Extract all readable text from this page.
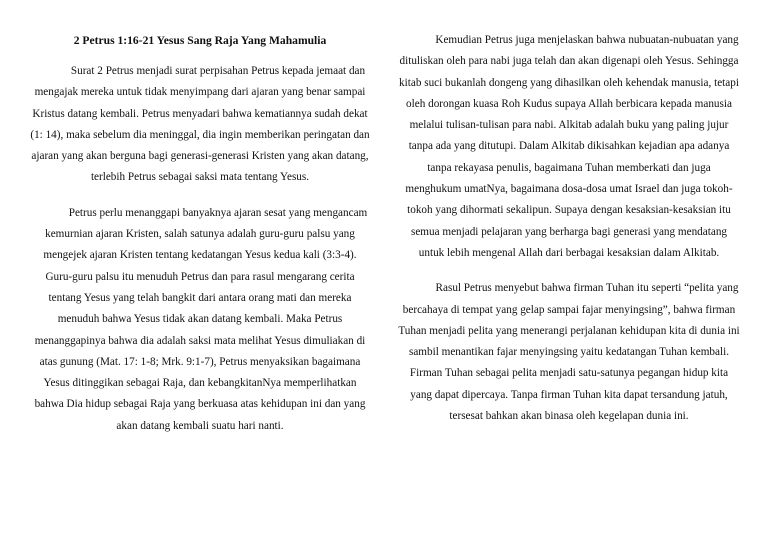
2 Petrus 1:16-21 Yesus Sang Raja Yang Mahamulia

Surat 2 Petrus menjadi surat perpisahan Petrus kepada jemaat dan mengajak mereka untuk tidak menyimpang dari ajaran yang benar sampai Kristus datang kembali. Petrus menyadari bahwa kematiannya sudah dekat (1: 14), maka sebelum dia meninggal, dia ingin memberikan peringatan dan ajaran yang akan berguna bagi generasi-generasi Kristen yang akan datang, terlebih Petrus sebagai saksi mata tentang Yesus.

Petrus perlu menanggapi banyaknya ajaran sesat yang mengancam kemurnian ajaran Kristen, salah satunya adalah guru-guru palsu yang mengejek ajaran Kristen tentang kedatangan Yesus kedua kali (3:3-4). Guru-guru palsu itu menuduh Petrus dan para rasul mengarang cerita tentang Yesus yang telah bangkit dari antara orang mati dan mereka menuduh bahwa Yesus tidak akan datang kembali. Maka Petrus menanggapinya bahwa dia adalah saksi mata melihat Yesus dimuliakan di atas gunung (Mat. 17: 1-8; Mrk. 9:1-7), Petrus menyaksikan bagaimana Yesus ditinggikan sebagai Raja, dan kebangkitanNya memperlihatkan bahwa Dia hidup sebagai Raja yang berkuasa atas kehidupan ini dan yang akan datang kembali suatu hari nanti.

Kemudian Petrus juga menjelaskan bahwa nubuatan-nubuatan yang dituliskan oleh para nabi juga telah dan akan digenapi oleh Yesus. Sehingga kitab suci bukanlah dongeng yang dihasilkan oleh kehendak manusia, tetapi oleh dorongan kuasa Roh Kudus supaya Allah berbicara kepada manusia melalui tulisan-tulisan para nabi. Alkitab adalah buku yang paling jujur tanpa ada yang ditutupi. Dalam Alkitab dikisahkan kejadian apa adanya tanpa rekayasa penulis, bagaimana Tuhan memberkati dan juga menghukum umatNya, bagaimana dosa-dosa umat Israel dan juga tokoh-tokoh yang dihormati sekalipun. Supaya dengan kesaksian-kesaksian itu semua menjadi pelajaran yang berharga bagi generasi yang mendatang untuk lebih mengenal Allah dari berbagai kesaksian dalam Alkitab.

Rasul Petrus menyebut bahwa firman Tuhan itu seperti “pelita yang bercahaya di tempat yang gelap sampai fajar menyingsing”, bahwa firman Tuhan menjadi pelita yang menerangi perjalanan kehidupan kita di dunia ini sambil menantikan fajar menyingsing yaitu kedatangan Tuhan kembali. Firman Tuhan sebagai pelita menjadi satu-satunya pegangan hidup kita yang dapat dipercaya. Tanpa firman Tuhan kita dapat tersandung jatuh, tersesat bahkan akan binasa oleh kegelapan dunia ini.
